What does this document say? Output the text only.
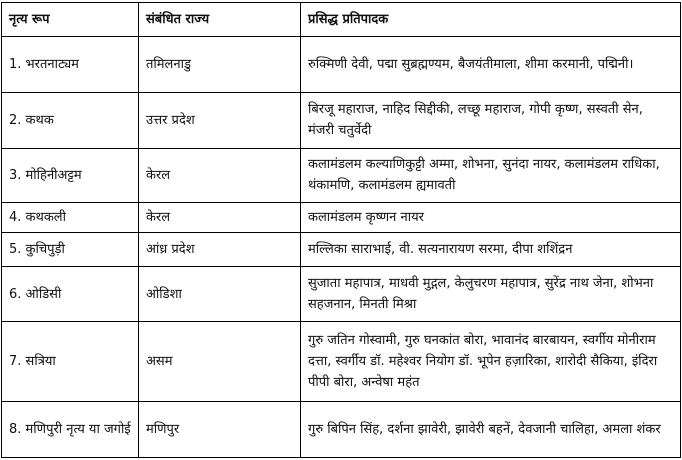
नृत्य रूप	संबंधित राज्य	प्रसिद्ध प्रतिपादक
1. भरतनाट्यम	तमिलनाडु	रुक्मिणी देवी, पद्मा सुब्रह्मण्यम, बैजयंतीमाला, शीमा करमानी, पद्मिनी।
2. कथक	उत्तर प्रदेश	बिरजू महाराज, नाहिद सिद्दीकी, लच्छू महाराज, गोपी कृष्ण, सस्वती सेन, मंजरी चतुर्वेदी
3. मोहिनीअट्टम	केरल	कलामंडलम कल्याणिकुट्टी अम्मा, शोभना, सुनंदा नायर, कलामंडलम राधिका, थंकामणि, कलामंडलम ह्यमावती
4. कथकली	केरल	कलामंडलम कृष्णन नायर
5. कुचिपुड़ी	आंध्र प्रदेश	मल्लिका साराभाई, वी. सत्यनारायण सरमा, दीपा शशिंद्रन
6. ओडिसी	ओडिशा	सुजाता महापात्र, माधवी मुद्गल, केलुचरण महापात्र, सुरेंद्र नाथ जेना, शोभना सहजनान, मिनती मिश्रा
7. सत्रिया	असम	गुरु जतिन गोस्वामी, गुरु घनकांत बोरा, भावानंद बारबायन, स्वर्गीय मोनीराम दत्ता, स्वर्गीय डॉ. महेश्वर नियोग डॉ. भूपेन हज़ारिका, शारोदी सैकिया, इंदिरा पीपी बोरा, अन्वेषा महंत
8. मणिपुरी नृत्य या जगोई	मणिपुर	गुरु बिपिन सिंह, दर्शना झावेरी, झावेरी बहनें, देवजानी चालिहा, अमला शंकर
